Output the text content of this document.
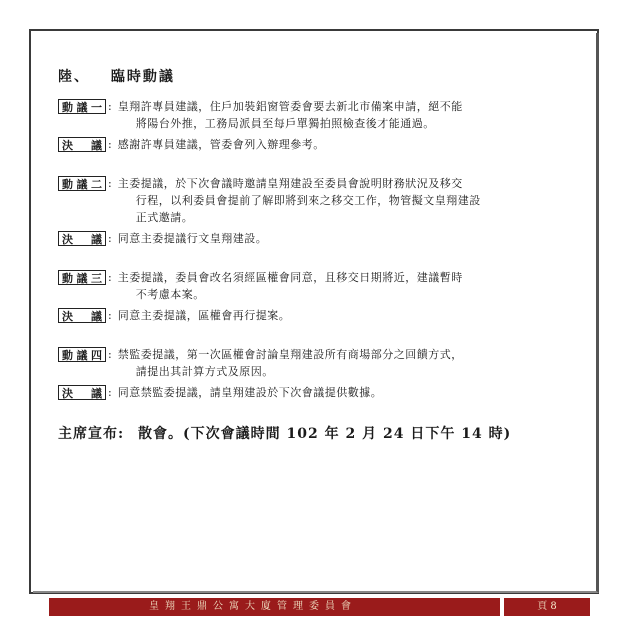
陸、 臨時動議
動議一 : 皇翔許專員建議，住戶加裝鋁窗管委會要去新北市備案申請，絕不能
將陽台外推，工務局派員至每戶單獨拍照檢查後才能通過。
決 議 : 感謝許專員建議，管委會列入辦理參考。
動議二 : 主委提議，於下次會議時邀請皇翔建設至委員會說明財務狀況及移交
行程，以利委員會提前了解即將到來之移交工作，物管擬文皇翔建設
正式邀請。
決 議 : 同意主委提議行文皇翔建設。
動議三 : 主委提議，委員會改名須經區權會同意，且移交日期將近，建議暫時
不考慮本案。
決 議 : 同意主委提議，區權會再行提案。
動議四 : 禁監委提議，第一次區權會討論皇翔建設所有商場部分之回饋方式，
請提出其計算方式及原因。
決 議 : 同意禁監委提議，請皇翔建設於下次會議提供數據。
主席宣布: 散會。(下次會議時間 102 年 2 月 24 日下午 14 時)
皇翔王鼎公寓大廈管理委員會	頁 8
